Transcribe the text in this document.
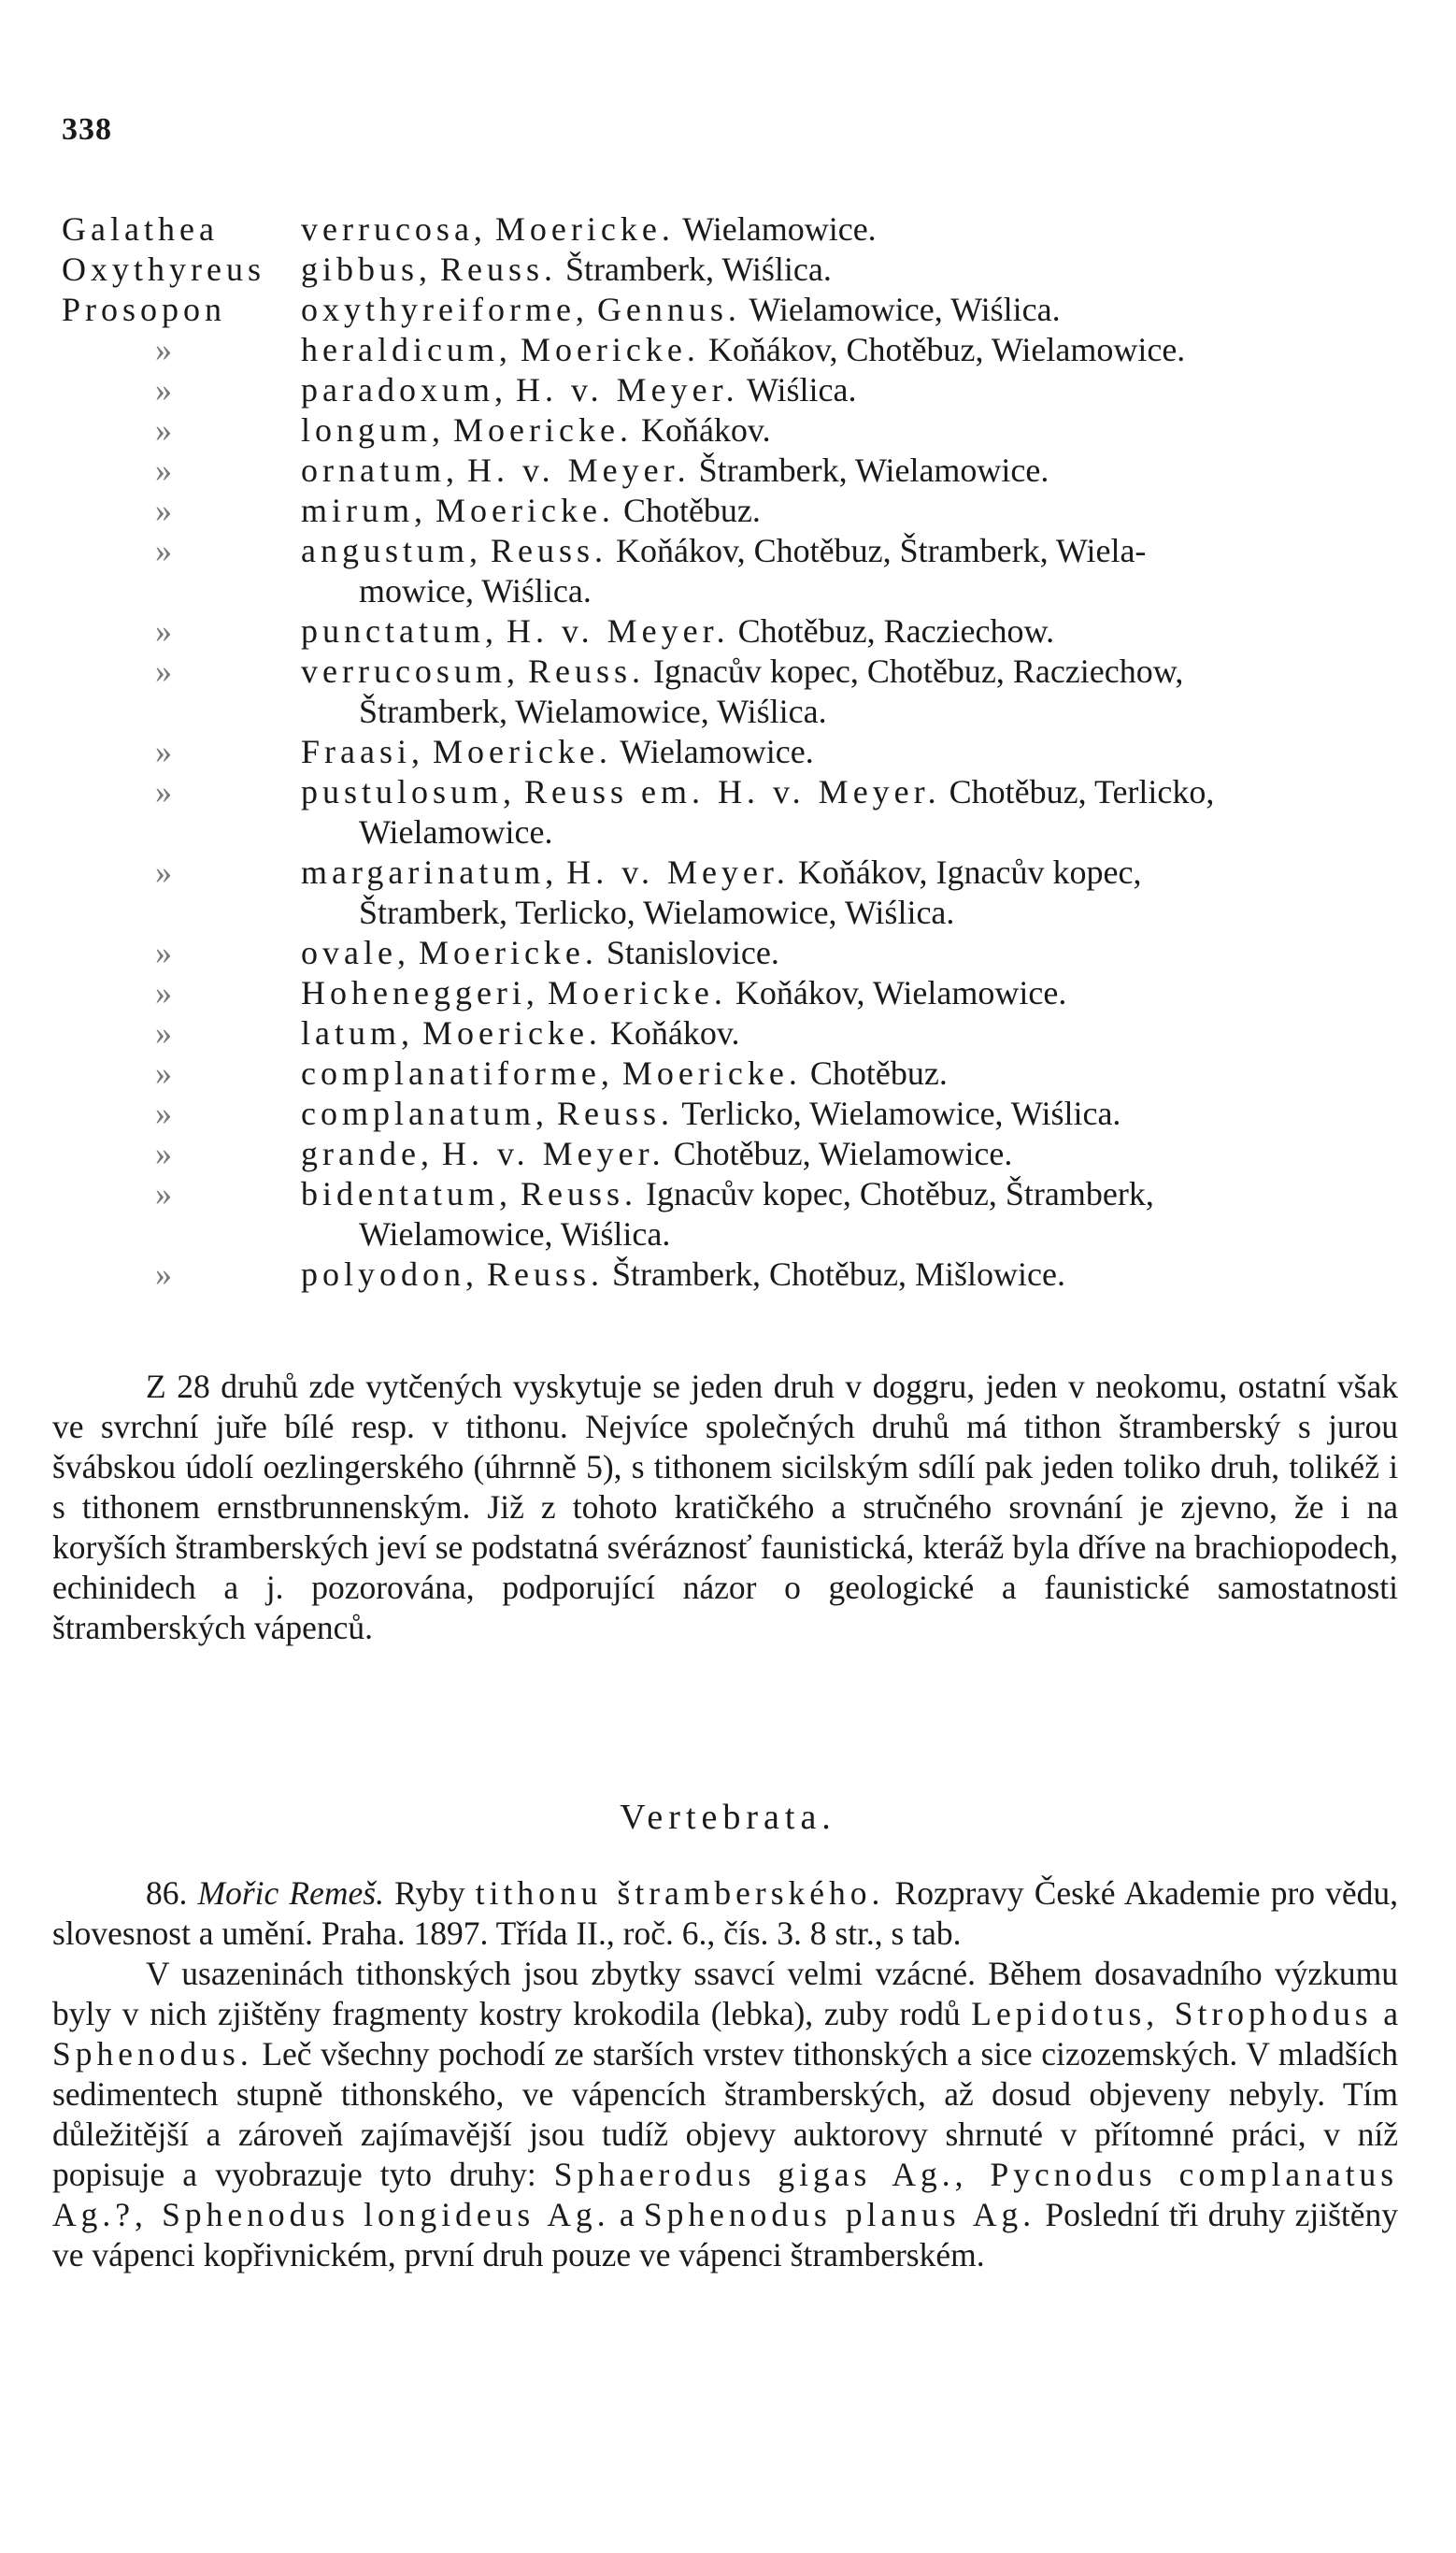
338
Galathea	verrucosa, Moericke. Wielamowice.
Oxythyreus	gibbus, Reuss. Štramberk, Wiślica.
Prosopon	oxythyreiforme, Gennus. Wielamowice, Wiślica.
»	heraldicum, Moericke. Koňákov, Chotěbuz, Wielamowice.
»	paradoxum, H. v. Meyer. Wiślica.
»	longum, Moericke. Koňákov.
»	ornatum, H. v. Meyer. Štramberk, Wielamowice.
»	mirum, Moericke. Chotěbuz.
»	angustum, Reuss. Koňákov, Chotěbuz, Štramberk, Wiela-
mowice, Wiślica.
»	punctatum, H. v. Meyer. Chotěbuz, Racziechow.
»	verrucosum, Reuss. Ignacův kopec, Chotěbuz, Racziechow,
Štramberk, Wielamowice, Wiślica.
»	Fraasi, Moericke. Wielamowice.
»	pustulosum, Reuss em. H. v. Meyer. Chotěbuz, Terlicko,
Wielamowice.
»	margarinatum, H. v. Meyer. Koňákov, Ignacův kopec,
Štramberk, Terlicko, Wielamowice, Wiślica.
»	ovale, Moericke. Stanislovice.
»	Hoheneggeri, Moericke. Koňákov, Wielamowice.
»	latum, Moericke. Koňákov.
»	complanatiforme, Moericke. Chotěbuz.
»	complanatum, Reuss. Terlicko, Wielamowice, Wiślica.
»	grande, H. v. Meyer. Chotěbuz, Wielamowice.
»	bidentatum, Reuss. Ignacův kopec, Chotěbuz, Štramberk,
Wielamowice, Wiślica.
»	polyodon, Reuss. Štramberk, Chotěbuz, Mišlowice.

Z 28 druhů zde vytčených vyskytuje se jeden druh v doggru, jeden v neokomu, ostatní však ve svrchní juře bílé resp. v tithonu. Nejvíce společných druhů má tithon štramberský s jurou švábskou údolí oezlingerského (úhrnně 5), s tithonem sicilským sdílí pak jeden toliko druh, tolikéž i s tithonem ernstbrunnenským. Již z tohoto kratičkého a stručného srovnání je zjevno, že i na koryších štramberských jeví se podstatná svéráznosť faunistická, kteráž byla dříve na brachiopodech, echinidech a j. pozorována, podporující názor o geologické a faunistické samostatnosti štramberských vápenců.

Vertebrata.

86. Mořic Remeš. Ryby tithonu štramberského. Rozpravy České Akademie pro vědu, slovesnost a umění. Praha. 1897. Třída II., roč. 6., čís. 3. 8 str., s tab.

V usazeninách tithonských jsou zbytky ssavcí velmi vzácné. Během dosavadního výzkumu byly v nich zjištěny fragmenty kostry krokodila (lebka), zuby rodů Lepidotus, Strophodus a Sphenodus. Leč všechny pochodí ze starších vrstev tithonských a sice cizozemských. V mladších sedimentech stupně tithonského, ve vápencích štramberských, až dosud objeveny nebyly. Tím důležitější a zároveň zajímavější jsou tudíž objevy auktorovy shrnuté v přítomné práci, v níž popisuje a vyobrazuje tyto druhy: Sphaerodus gigas Ag., Pycnodus complanatus Ag.?, Sphenodus longideus Ag. a Sphenodus planus Ag. Poslední tři druhy zjištěny ve vápenci kopřivnickém, první druh pouze ve vápenci štramberském.
